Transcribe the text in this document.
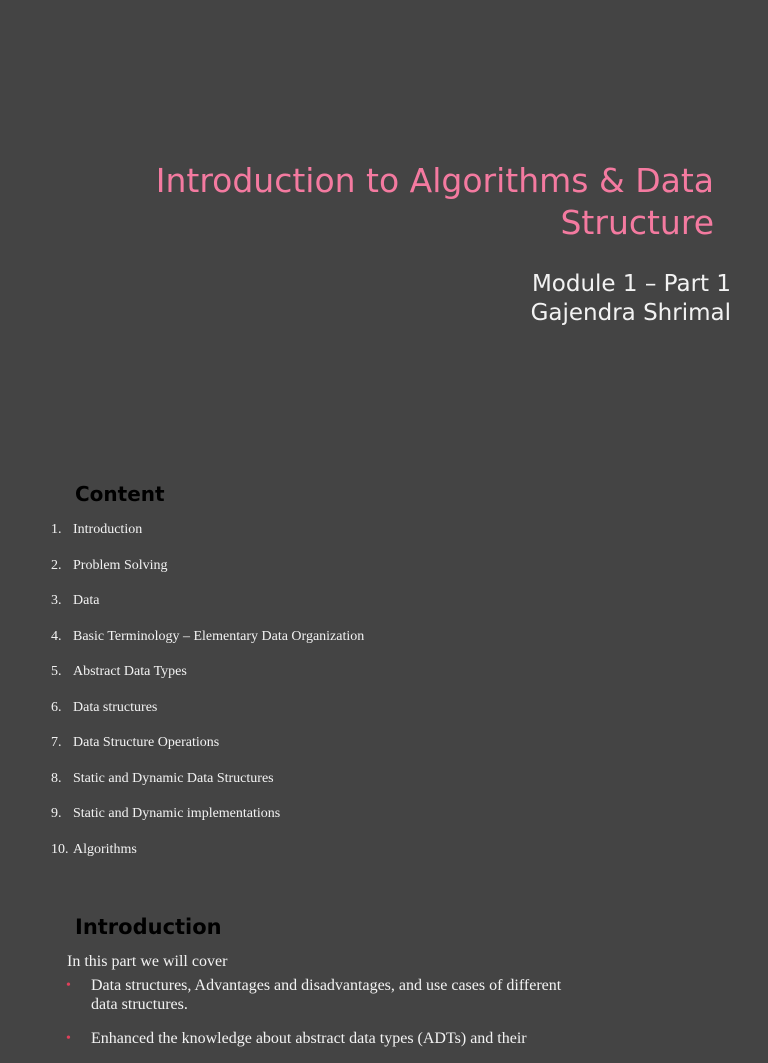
Introduction to Algorithms & Data Structure
Module 1 – Part 1
Gajendra Shrimal
Content
1. Introduction
2. Problem Solving
3. Data
4. Basic Terminology – Elementary Data Organization
5. Abstract Data Types
6. Data structures
7. Data Structure Operations
8. Static and Dynamic Data Structures
9. Static and Dynamic implementations
10. Algorithms
Introduction
In this part we will cover
• Data structures, Advantages and disadvantages, and use cases of different data structures.
• Enhanced the knowledge about abstract data types (ADTs) and their
